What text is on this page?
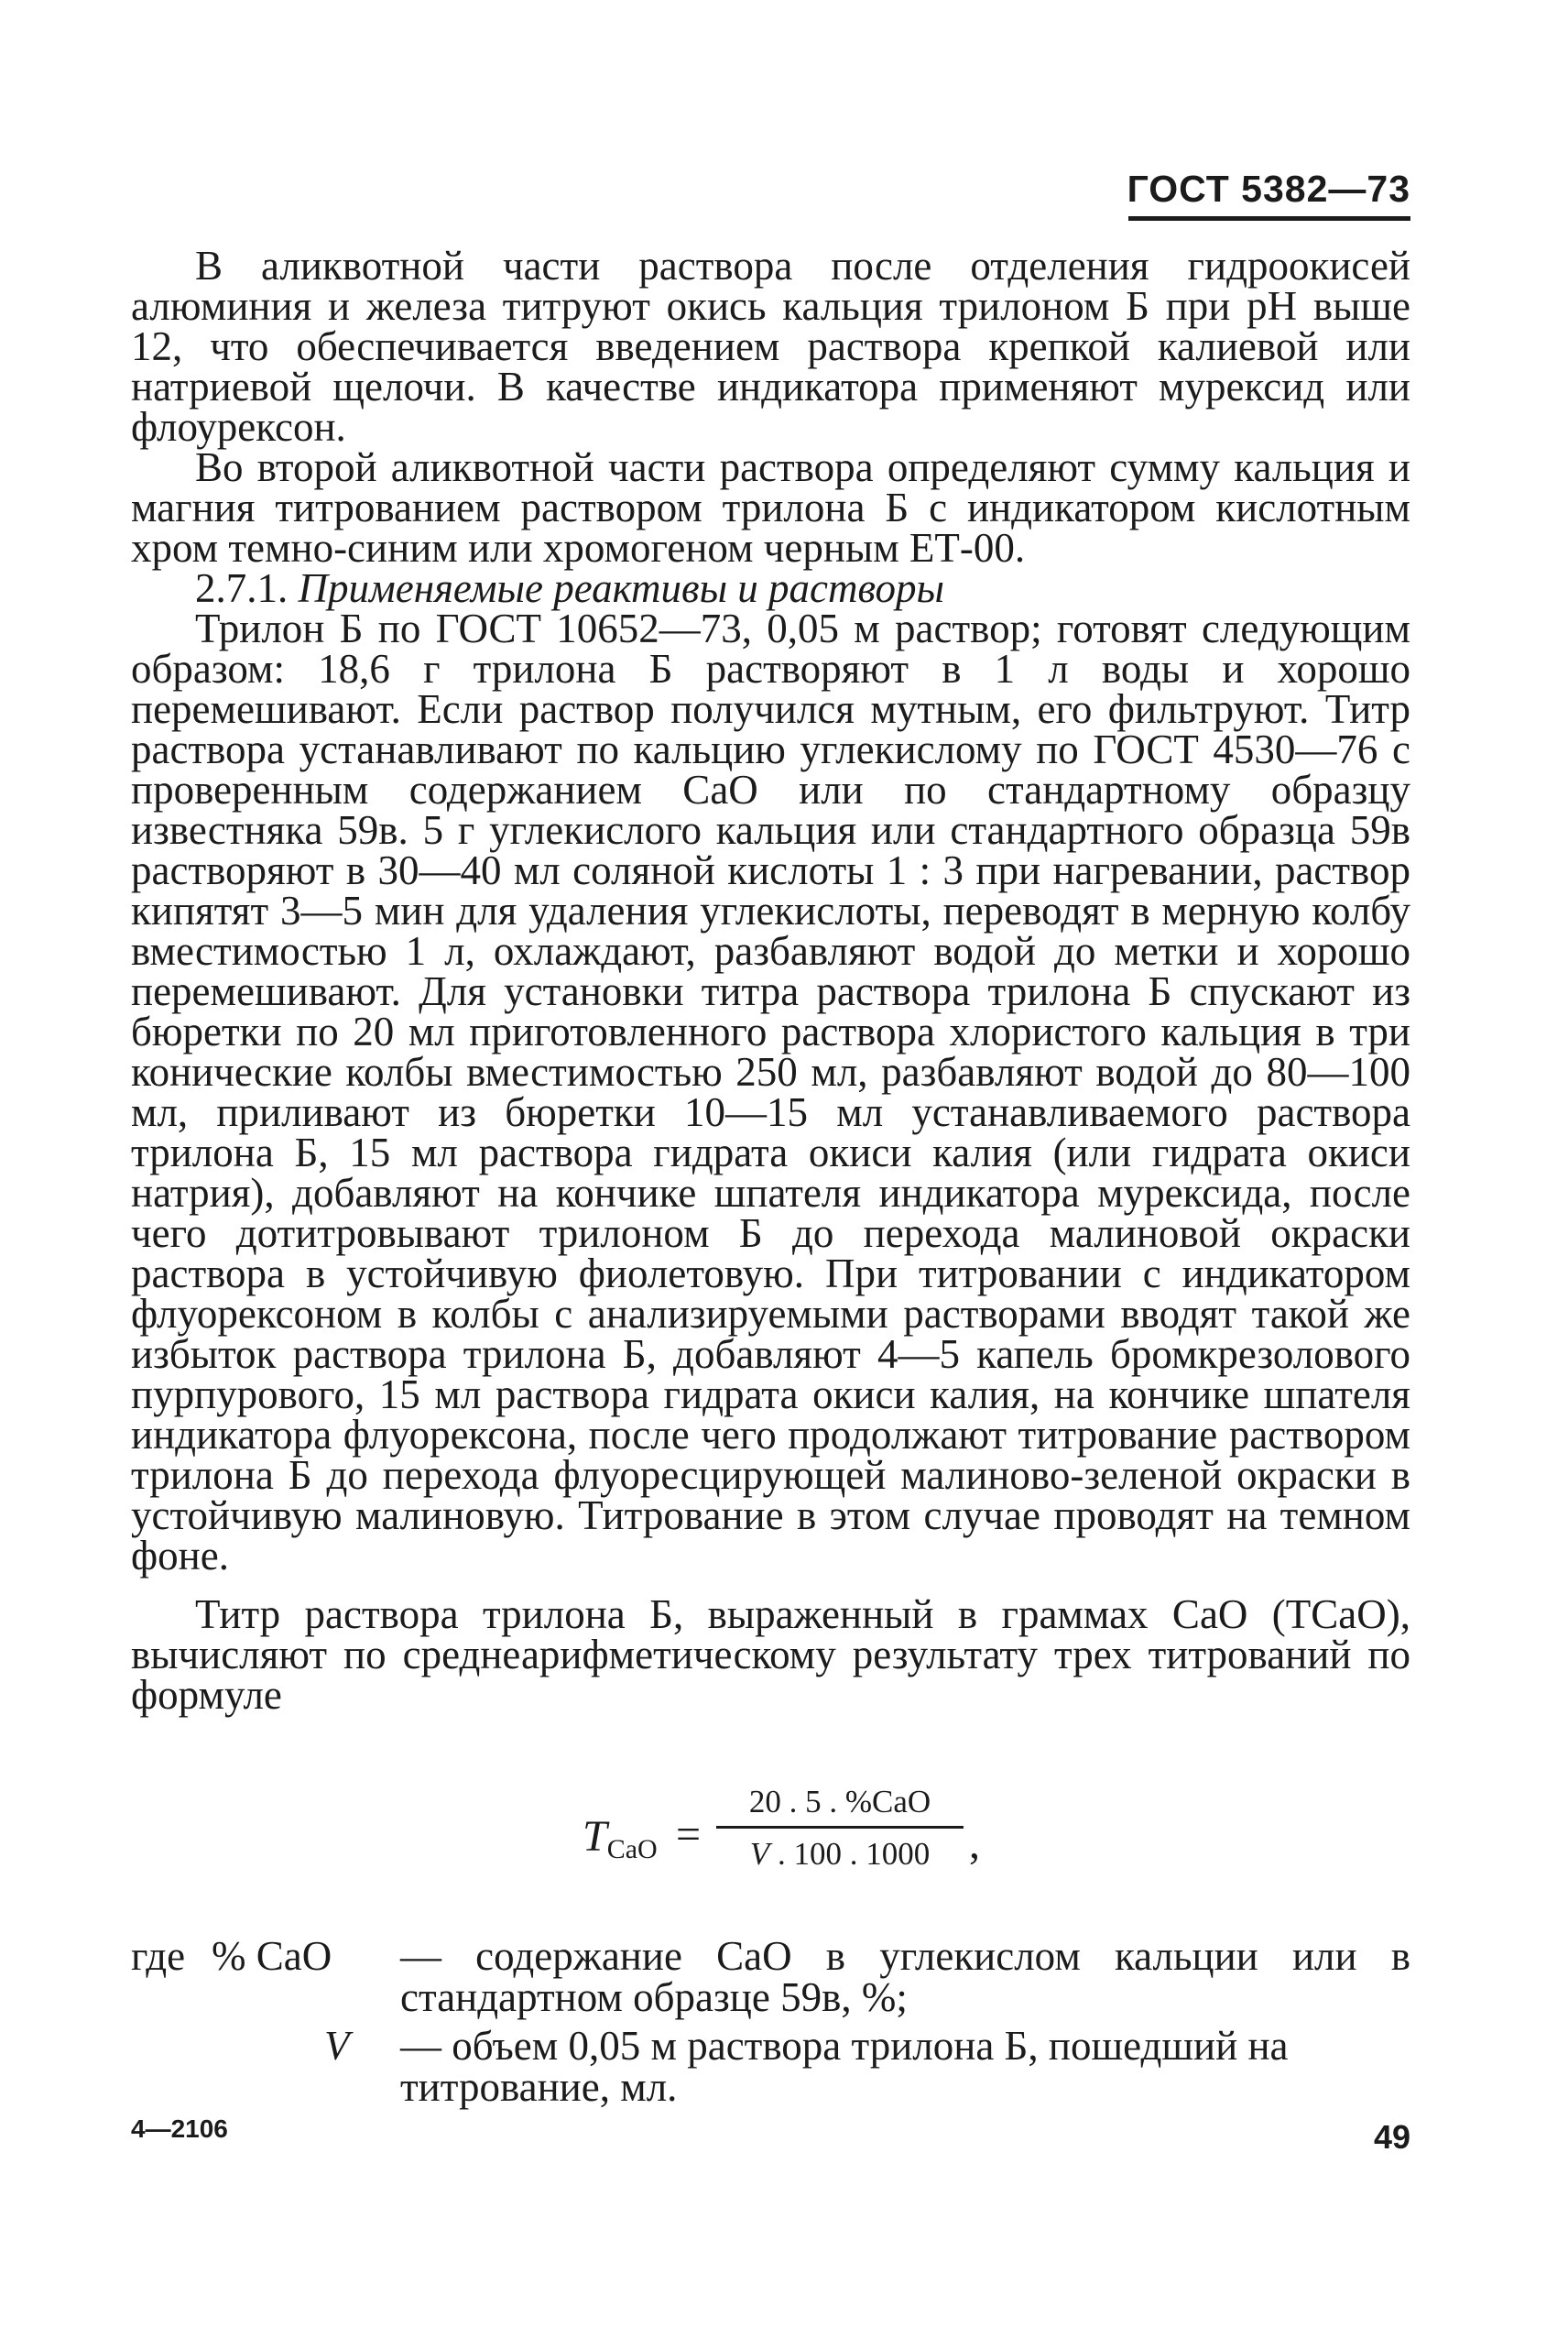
ГОСТ 5382—73

В аликвотной части раствора после отделения гидроокисей алюминия и железа титруют окись кальция трилоном Б при рН выше 12, что обеспечивается введением раствора крепкой калиевой или натриевой щелочи. В качестве индикатора применяют мурексид или флоурексон.

Во второй аликвотной части раствора определяют сумму кальция и магния титрованием раствором трилона Б с индикатором кислотным хром темно-синим или хромогеном черным ЕТ-00.

2.7.1. Применяемые реактивы и растворы

Трилон Б по ГОСТ 10652—73, 0,05 м раствор; готовят следующим образом: 18,6 г трилона Б растворяют в 1 л воды и хорошо перемешивают. Если раствор получился мутным, его фильтруют. Титр раствора устанавливают по кальцию углекислому по ГОСТ 4530—76 с проверенным содержанием СаО или по стандартному образцу известняка 59в. 5 г углекислого кальция или стандартного образца 59в растворяют в 30—40 мл соляной кислоты 1 : 3 при нагревании, раствор кипятят 3—5 мин для удаления углекислоты, переводят в мерную колбу вместимостью 1 л, охлаждают, разбавляют водой до метки и хорошо перемешивают. Для установки титра раствора трилона Б спускают из бюретки по 20 мл приготовленного раствора хлористого кальция в три конические колбы вместимостью 250 мл, разбавляют водой до 80—100 мл, приливают из бюретки 10—15 мл устанавливаемого раствора трилона Б, 15 мл раствора гидрата окиси калия (или гидрата окиси натрия), добавляют на кончике шпателя индикатора мурексида, после чего дотитровывают трилоном Б до перехода малиновой окраски раствора в устойчивую фиолетовую. При титровании с индикатором флуорексоном в колбы с анализируемыми растворами вводят такой же избыток раствора трилона Б, добавляют 4—5 капель бромкрезолового пурпурового, 15 мл раствора гидрата окиси калия, на кончике шпателя индикатора флуорексона, после чего продолжают титрование раствором трилона Б до перехода флуоресцирующей малиново-зеленой окраски в устойчивую малиновую. Титрование в этом случае проводят на темном фоне.

Титр раствора трилона Б, выраженный в граммах СаО (TCaO), вычисляют по среднеарифметическому результату трех титрований по формуле

$T_{CaO}$ =
20 . 5 . %CaO
V . 100 . 1000 ,
где % CaO — содержание СаО в углекислом кальции или в стандартном образце 59в, %;
V — объем 0,05 м раствора трилона Б, пошедший на титрование, мл.
4—2106	49
